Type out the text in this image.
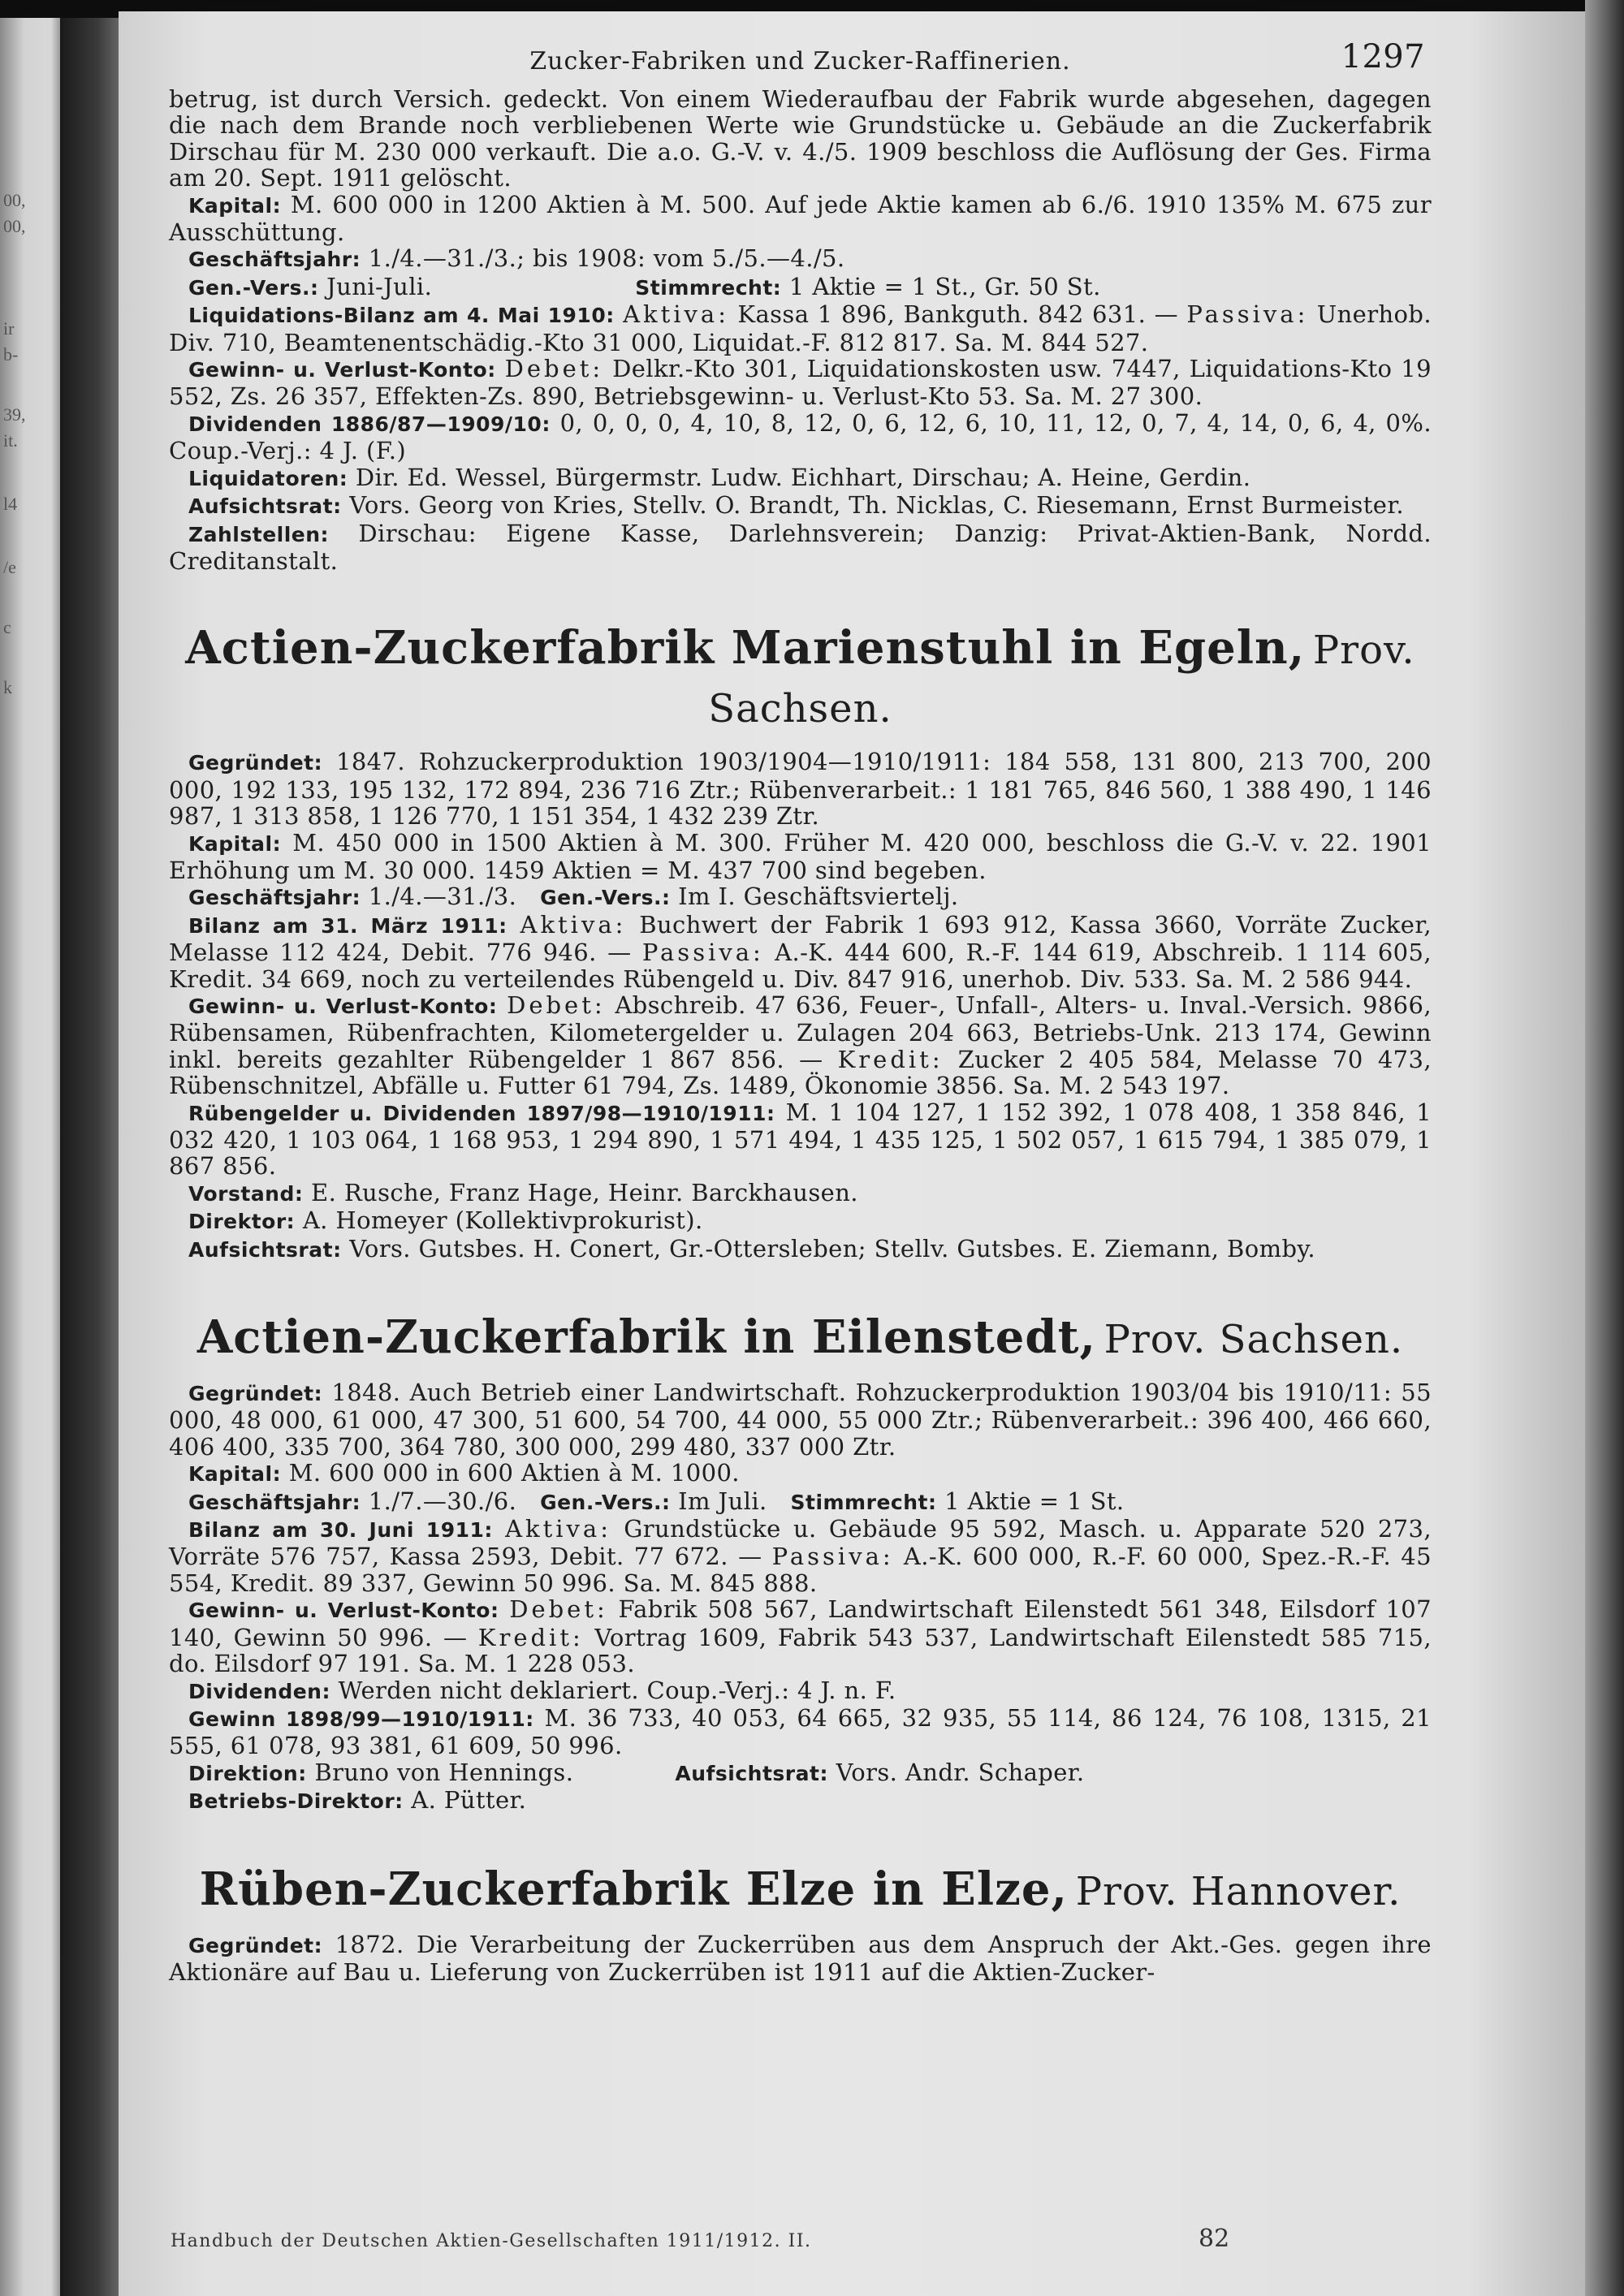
00,
00,
ir
b-
39,
it.
l4
/e
c
k
Zucker-Fabriken und Zucker-Raffinerien.	1297

betrug, ist durch Versich. gedeckt. Von einem Wiederaufbau der Fabrik wurde abgesehen, dagegen die nach dem Brande noch verbliebenen Werte wie Grundstücke u. Gebäude an die Zuckerfabrik Dirschau für M. 230 000 verkauft. Die a.o. G.-V. v. 4./5. 1909 beschloss die Auflösung der Ges. Firma am 20. Sept. 1911 gelöscht.

Kapital: M. 600 000 in 1200 Aktien à M. 500. Auf jede Aktie kamen ab 6./6. 1910 135% M. 675 zur Ausschüttung.

Geschäftsjahr: 1./4.—31./3.; bis 1908: vom 5./5.—4./5.

Gen.-Vers.: Juni-Juli.	Stimmrecht: 1 Aktie = 1 St., Gr. 50 St.

Liquidations-Bilanz am 4. Mai 1910: Aktiva: Kassa 1 896, Bankguth. 842 631. — Passiva: Unerhob. Div. 710, Beamtenentschädig.-Kto 31 000, Liquidat.-F. 812 817. Sa. M. 844 527.

Gewinn- u. Verlust-Konto: Debet: Delkr.-Kto 301, Liquidationskosten usw. 7447, Liquidations-Kto 19 552, Zs. 26 357, Effekten-Zs. 890, Betriebsgewinn- u. Verlust-Kto 53. Sa. M. 27 300.

Dividenden 1886/87—1909/10: 0, 0, 0, 0, 4, 10, 8, 12, 0, 6, 12, 6, 10, 11, 12, 0, 7, 4, 14, 0, 6, 4, 0%. Coup.-Verj.: 4 J. (F.)

Liquidatoren: Dir. Ed. Wessel, Bürgermstr. Ludw. Eichhart, Dirschau; A. Heine, Gerdin.

Aufsichtsrat: Vors. Georg von Kries, Stellv. O. Brandt, Th. Nicklas, C. Riesemann, Ernst Burmeister.

Zahlstellen: Dirschau: Eigene Kasse, Darlehnsverein; Danzig: Privat-Aktien-Bank, Nordd. Creditanstalt.

Actien-Zuckerfabrik Marienstuhl in Egeln, Prov. Sachsen.

Gegründet: 1847. Rohzuckerproduktion 1903/1904—1910/1911: 184 558, 131 800, 213 700, 200 000, 192 133, 195 132, 172 894, 236 716 Ztr.; Rübenverarbeit.: 1 181 765, 846 560, 1 388 490, 1 146 987, 1 313 858, 1 126 770, 1 151 354, 1 432 239 Ztr.

Kapital: M. 450 000 in 1500 Aktien à M. 300. Früher M. 420 000, beschloss die G.-V. v. 22. 1901 Erhöhung um M. 30 000. 1459 Aktien = M. 437 700 sind begeben.

Geschäftsjahr: 1./4.—31./3. Gen.-Vers.: Im I. Geschäftsviertelj.

Bilanz am 31. März 1911: Aktiva: Buchwert der Fabrik 1 693 912, Kassa 3660, Vorräte Zucker, Melasse 112 424, Debit. 776 946. — Passiva: A.-K. 444 600, R.-F. 144 619, Abschreib. 1 114 605, Kredit. 34 669, noch zu verteilendes Rübengeld u. Div. 847 916, unerhob. Div. 533. Sa. M. 2 586 944.

Gewinn- u. Verlust-Konto: Debet: Abschreib. 47 636, Feuer-, Unfall-, Alters- u. Inval.-Versich. 9866, Rübensamen, Rübenfrachten, Kilometergelder u. Zulagen 204 663, Betriebs-Unk. 213 174, Gewinn inkl. bereits gezahlter Rübengelder 1 867 856. — Kredit: Zucker 2 405 584, Melasse 70 473, Rübenschnitzel, Abfälle u. Futter 61 794, Zs. 1489, Ökonomie 3856. Sa. M. 2 543 197.

Rübengelder u. Dividenden 1897/98—1910/1911: M. 1 104 127, 1 152 392, 1 078 408, 1 358 846, 1 032 420, 1 103 064, 1 168 953, 1 294 890, 1 571 494, 1 435 125, 1 502 057, 1 615 794, 1 385 079, 1 867 856.

Vorstand: E. Rusche, Franz Hage, Heinr. Barckhausen.

Direktor: A. Homeyer (Kollektivprokurist).

Aufsichtsrat: Vors. Gutsbes. H. Conert, Gr.-Ottersleben; Stellv. Gutsbes. E. Ziemann, Bomby.

Actien-Zuckerfabrik in Eilenstedt, Prov. Sachsen.

Gegründet: 1848. Auch Betrieb einer Landwirtschaft. Rohzuckerproduktion 1903/04 bis 1910/11: 55 000, 48 000, 61 000, 47 300, 51 600, 54 700, 44 000, 55 000 Ztr.; Rübenverarbeit.: 396 400, 466 660, 406 400, 335 700, 364 780, 300 000, 299 480, 337 000 Ztr.

Kapital: M. 600 000 in 600 Aktien à M. 1000.

Geschäftsjahr: 1./7.—30./6. Gen.-Vers.: Im Juli. Stimmrecht: 1 Aktie = 1 St.

Bilanz am 30. Juni 1911: Aktiva: Grundstücke u. Gebäude 95 592, Masch. u. Apparate 520 273, Vorräte 576 757, Kassa 2593, Debit. 77 672. — Passiva: A.-K. 600 000, R.-F. 60 000, Spez.-R.-F. 45 554, Kredit. 89 337, Gewinn 50 996. Sa. M. 845 888.

Gewinn- u. Verlust-Konto: Debet: Fabrik 508 567, Landwirtschaft Eilenstedt 561 348, Eilsdorf 107 140, Gewinn 50 996. — Kredit: Vortrag 1609, Fabrik 543 537, Landwirtschaft Eilenstedt 585 715, do. Eilsdorf 97 191. Sa. M. 1 228 053.

Dividenden: Werden nicht deklariert. Coup.-Verj.: 4 J. n. F.

Gewinn 1898/99—1910/1911: M. 36 733, 40 053, 64 665, 32 935, 55 114, 86 124, 76 108, 1315, 21 555, 61 078, 93 381, 61 609, 50 996.

Direktion: Bruno von Hennings.	Aufsichtsrat: Vors. Andr. Schaper.

Betriebs-Direktor: A. Pütter.

Rüben-Zuckerfabrik Elze in Elze, Prov. Hannover.

Gegründet: 1872. Die Verarbeitung der Zuckerrüben aus dem Anspruch der Akt.-Ges. gegen ihre Aktionäre auf Bau u. Lieferung von Zuckerrüben ist 1911 auf die Aktien-Zucker-

Handbuch der Deutschen Aktien-Gesellschaften 1911/1912. II.	82
